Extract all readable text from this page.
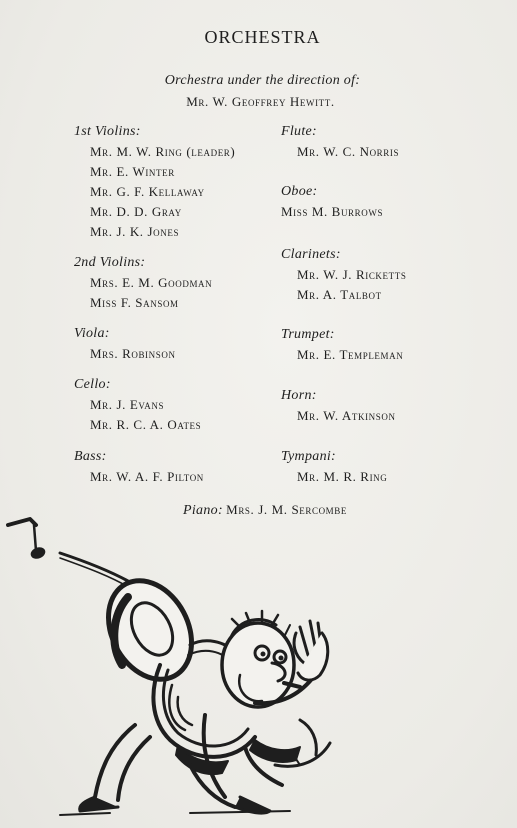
ORCHESTRA
Orchestra under the direction of:
Mr. W. Geoffrey Hewitt.
1st Violins:
Mr. M. W. Ring (leader)
Mr. E. Winter
Mr. G. F. Kellaway
Mr. D. D. Gray
Mr. J. K. Jones
2nd Violins:
Mrs. E. M. Goodman
Miss F. Sansom
Viola:
Mrs. Robinson
Cello:
Mr. J. Evans
Mr. R. C. A. Oates
Bass:
Mr. W. A. F. Pilton
Flute:
Mr. W. C. Norris
Oboe:
Miss M. Burrows
Clarinets:
Mr. W. J. Ricketts
Mr. A. Talbot
Trumpet:
Mr. E. Templeman
Horn:
Mr. W. Atkinson
Tympani:
Mr. M. R. Ring
Piano: Mrs. J. M. Sercombe
